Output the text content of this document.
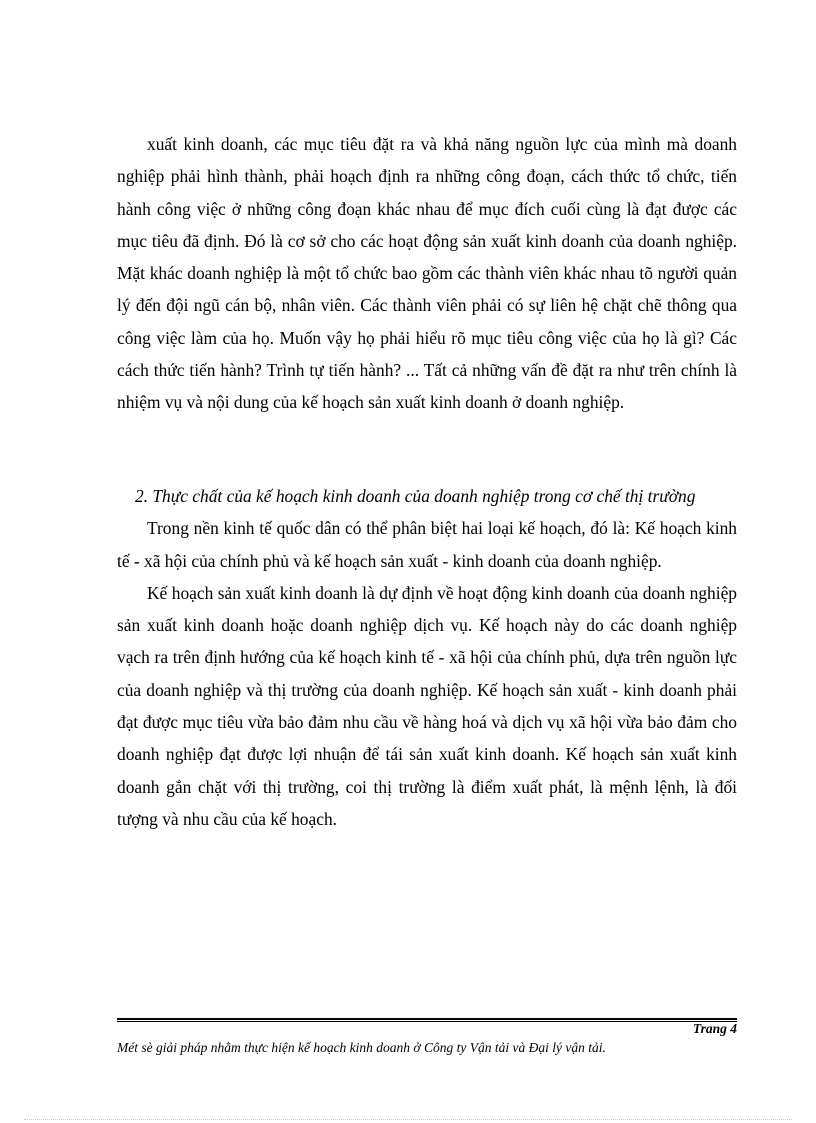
xuất kinh doanh, các mục tiêu đặt ra và khả năng nguồn lực của mình mà doanh nghiệp phải hình thành, phải hoạch định ra những công đoạn, cách thức tổ chức, tiến hành công việc ở những công đoạn khác nhau để mục đích cuối cùng là đạt được các mục tiêu đã định. Đó là cơ sở cho các hoạt động sản xuất kinh doanh của doanh nghiệp. Mặt khác doanh nghiệp là một tổ chức bao gồm các thành viên khác nhau tõ người quản lý đến đội ngũ cán bộ, nhân viên. Các thành viên phải có sự liên hệ chặt chẽ thông qua công việc làm của họ. Muốn vậy họ phải hiểu rõ mục tiêu công việc của họ là gì? Các cách thức tiến hành? Trình tự tiến hành? ... Tất cả những vấn đề đặt ra như trên chính là nhiệm vụ và nội dung của kế hoạch sản xuất kinh doanh ở doanh nghiệp.

2. Thực chất của kế hoạch kinh doanh của doanh nghiệp trong cơ chế thị trường

Trong nền kinh tế quốc dân có thể phân biệt hai loại kế hoạch, đó là: Kế hoạch kinh tế - xã hội của chính phủ và kế hoạch sản xuất - kinh doanh của doanh nghiệp.

Kế hoạch sản xuất kinh doanh là dự định về hoạt động kinh doanh của doanh nghiệp sản xuất kinh doanh hoặc doanh nghiệp dịch vụ. Kế hoạch này do các doanh nghiệp vạch ra trên định hướng của kế hoạch kinh tế - xã hội của chính phủ, dựa trên nguồn lực của doanh nghiệp và thị trường của doanh nghiệp. Kế hoạch sản xuất - kinh doanh phải đạt được mục tiêu vừa bảo đảm nhu cầu về hàng hoá và dịch vụ xã hội vừa bảo đảm cho doanh nghiệp đạt được lợi nhuận để tái sản xuất kinh doanh. Kế hoạch sản xuất kinh doanh gắn chặt với thị trường, coi thị trường là điểm xuất phát, là mệnh lệnh, là đối tượng và nhu cầu của kế hoạch.

Trang 4
Mét sè giải pháp nhằm thực hiện kế hoạch kinh doanh ở Công ty Vận tải và Đại lý vận tải.
